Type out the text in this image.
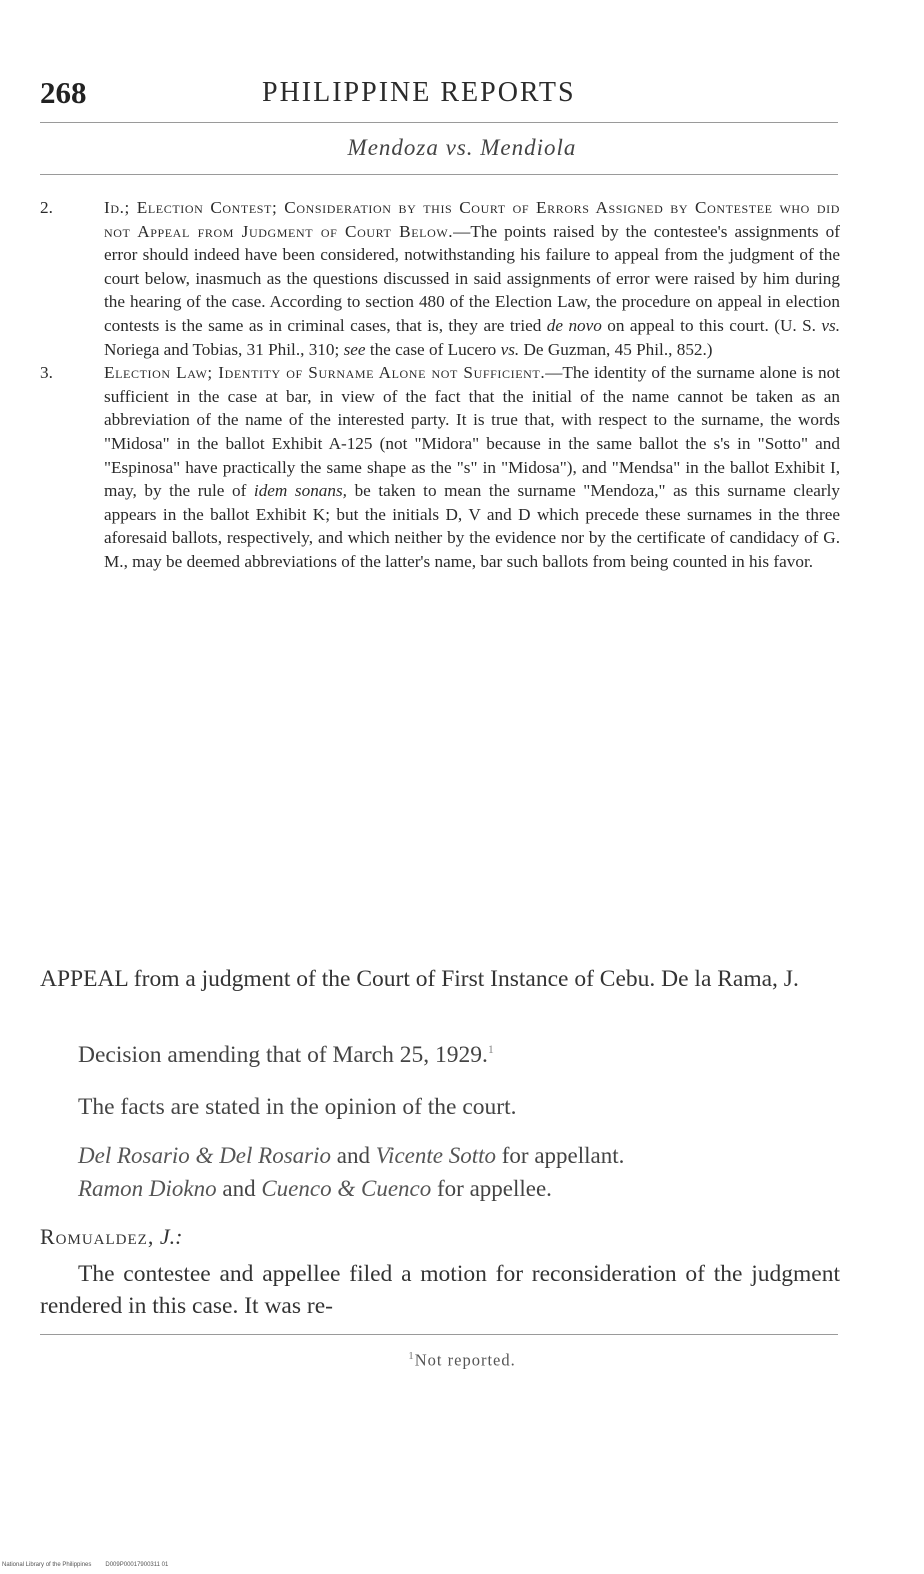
268	PHILIPPINE REPORTS
Mendoza vs. Mendiola

2.	Id.; Election Contest; Consideration by this Court of Errors Assigned by Contestee who did not Appeal from Judgment of Court Below.—The points raised by the contestee's assignments of error should indeed have been considered, notwithstanding his failure to appeal from the judgment of the court below, inasmuch as the questions discussed in said assignments of error were raised by him during the hearing of the case. According to section 480 of the Election Law, the procedure on appeal in election contests is the same as in criminal cases, that is, they are tried de novo on appeal to this court. (U. S. vs. Noriega and Tobias, 31 Phil., 310; see the case of Lucero vs. De Guzman, 45 Phil., 852.)

3.	Election Law; Identity of Surname Alone not Sufficient.—The identity of the surname alone is not sufficient in the case at bar, in view of the fact that the initial of the name cannot be taken as an abbreviation of the name of the interested party. It is true that, with respect to the surname, the words "Midosa" in the ballot Exhibit A-125 (not "Midora" because in the same ballot the s's in "Sotto" and "Espinosa" have practically the same shape as the "s" in "Midosa"), and "Mendsa" in the ballot Exhibit I, may, by the rule of idem sonans, be taken to mean the surname "Mendoza," as this surname clearly appears in the ballot Exhibit K; but the initials D, V and D which precede these surnames in the three aforesaid ballots, respectively, and which neither by the evidence nor by the certificate of candidacy of G. M., may be deemed abbreviations of the latter's name, bar such ballots from being counted in his favor.

APPEAL from a judgment of the Court of First Instance of Cebu. De la Rama, J.
Decision amending that of March 25, 1929.$^1$
The facts are stated in the opinion of the court.
Del Rosario & Del Rosario and Vicente Sotto for appellant.
Ramon Diokno and Cuenco & Cuenco for appellee.
Romualdez, J.:
The contestee and appellee filed a motion for reconsideration of the judgment rendered in this case. It was re-
$^1$Not reported.
National Library of the Philippines D009P00017900311 01
